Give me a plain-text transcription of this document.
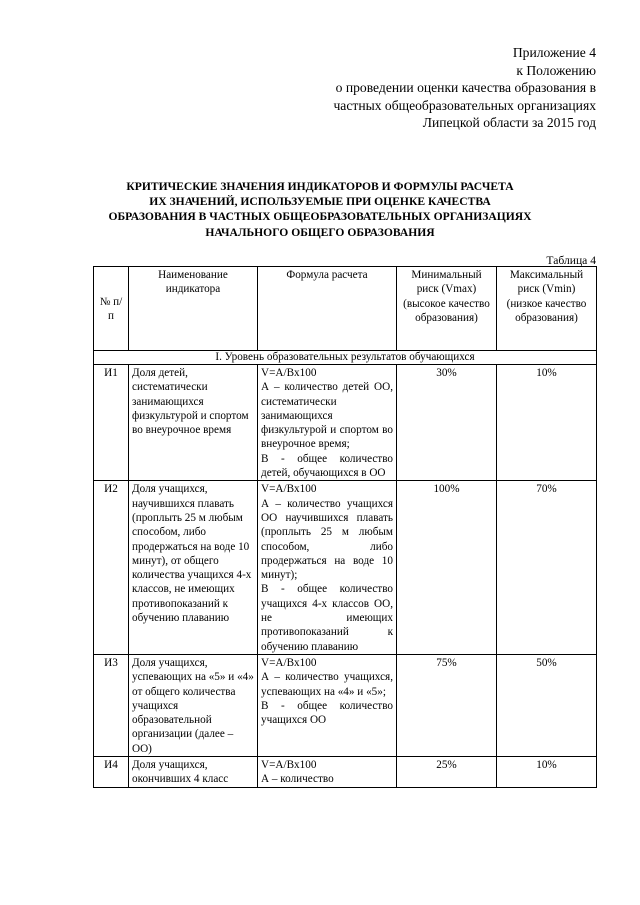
Приложение 4
к Положению
о проведении оценки качества образования в
частных общеобразовательных организациях
Липецкой области за 2015 год
КРИТИЧЕСКИЕ ЗНАЧЕНИЯ ИНДИКАТОРОВ И ФОРМУЛЫ РАСЧЕТА
ИХ ЗНАЧЕНИЙ, ИСПОЛЬЗУЕМЫЕ ПРИ ОЦЕНКЕ КАЧЕСТВА
ОБРАЗОВАНИЯ В ЧАСТНЫХ ОБЩЕОБРАЗОВАТЕЛЬНЫХ ОРГАНИЗАЦИЯХ
НАЧАЛЬНОГО ОБЩЕГО ОБРАЗОВАНИЯ
Таблица 4
№ п/п	Наименование индикатора	Формула расчета	Минимальный риск (Vmax) (высокое качество образования)	Максимальный риск (Vmin) (низкое качество образования)
I. Уровень образовательных результатов обучающихся				
И1	Доля детей, систематически занимающихся физкультурой и спортом во внеурочное время	V=A/Bx100
А – количество детей ОО, систематически занимающихся физкультурой и спортом во внеурочное время;
В - общее количество детей, обучающихся в ОО	30%	10%
И2	Доля учащихся, научившихся плавать (проплыть 25 м любым способом, либо продержаться на воде 10 минут), от общего количества учащихся 4-х классов, не имеющих противопоказаний к обучению плаванию	V=A/Bx100
А – количество учащихся ОО научившихся плавать (проплыть 25 м любым способом, либо продержаться на воде 10 минут);
В - общее количество учащихся 4-х классов ОО, не имеющих противопоказаний к обучению плаванию	100%	70%
И3	Доля учащихся, успевающих на «5» и «4» от общего количества учащихся образовательной организации (далее – ОО)	V=A/Bx100
А – количество учащихся, успевающих на «4» и «5»;
В - общее количество учащихся ОО	75%	50%
И4	Доля учащихся, окончивших 4 класс	V=A/Bx100
А – количество	25%	10%
